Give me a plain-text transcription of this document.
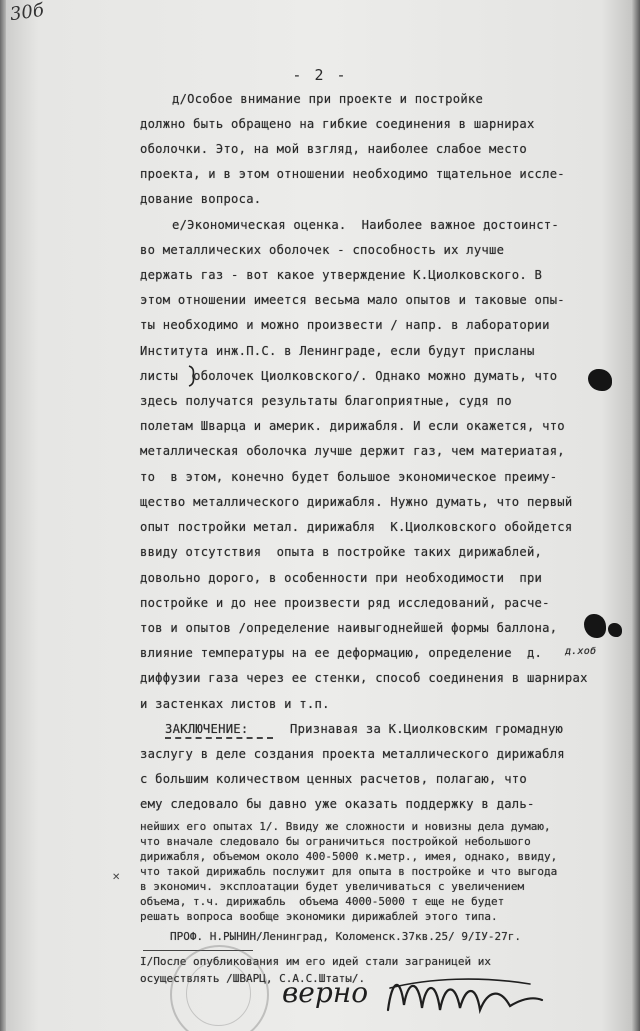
30б
- 2 -
д/Особое внимание при проекте и постройке
должно быть обращено на гибкие соединения в шарнирах
оболочки. Это, на мой взгляд, наиболее слабое место
проекта, и в этом отношении необходимо тщательное иссле-
дование вопроса.
е/Экономическая оценка.  Наиболее важное достоинст-
во металлических оболочек - способность их лучше
держать газ - вот какое утверждение К.Циолковского. В
этом отношении имеется весьма мало опытов и таковые опы-
ты необходимо и можно произвести / напр. в лаборатории
Института инж.П.С. в Ленинграде, если будут присланы
листы  оболочек Циолковского/. Однако можно думать, что
здесь получатся результаты благоприятные, судя по
полетам Шварца и америк. дирижабля. И если окажется, что
металлическая оболочка лучше держит газ, чем материатая,
то  в этом, конечно будет большое экономическое преиму-
щество металлического дирижабля. Нужно думать, что первый
опыт постройки метал. дирижабля  К.Циолковского обойдется
ввиду отсутствия  опыта в постройке таких дирижаблей,
довольно дорого, в особенности при необходимости  при
постройке и до нее произвести ряд исследований, расче-
тов и опытов /определение наивыгоднейшей формы баллона,
влияние температуры на ее деформацию, определение  д.
диффузии газа через ее стенки, способ соединения в шарнирах
и застенках листов и т.п.
д.хоб
ЗАКЛЮЧЕНИЕ:	Признавая за К.Циолковским громадную
заслугу в деле создания проекта металлического дирижабля
с большим количеством ценных расчетов, полагаю, что
ему следовало бы давно уже оказать поддержку в даль-
нейших его опытах 1/. Ввиду же сложности и новизны дела думаю,
что вначале следовало бы ограничиться постройкой небольшого
дирижабля, объемом около 400-5000 к.метр., имея, однако, ввиду,
что такой дирижабль послужит для опыта в постройке и что выгода
в экономич. эксплоатации будет увеличиваться с увеличением
объема, т.ч. дирижабль  объема 4000-5000 т еще не будет
решать вопроса вообще экономики дирижаблей этого типа.
✕
ПРОФ. Н.РЫНИН/Ленинград, Коломенск.37кв.25/ 9/IУ-27г.
I/После опубликования им его идей стали заграницей их
осуществлять /ШВАРЦ, С.А.С.Штаты/.
верно
